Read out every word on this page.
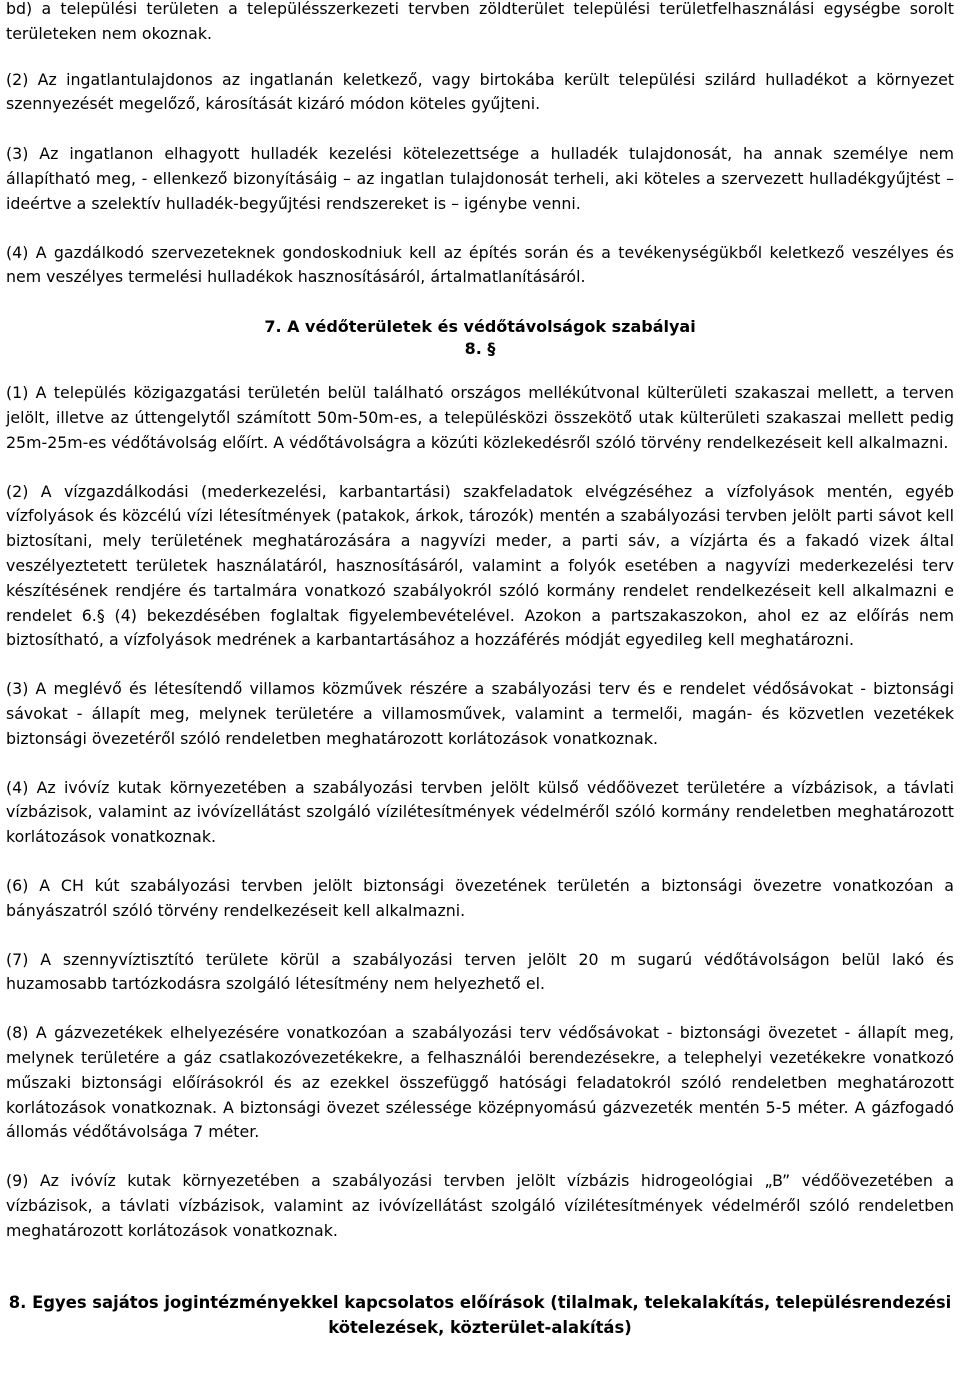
bd) a települési területen a településszerkezeti tervben zöldterület települési területfelhasználási egységbe sorolt területeken nem okoznak.

(2) Az ingatlantulajdonos az ingatlanán keletkező, vagy birtokába került települési szilárd hulladékot a környezet szennyezését megelőző, károsítását kizáró módon köteles gyűjteni.

(3) Az ingatlanon elhagyott hulladék kezelési kötelezettsége a hulladék tulajdonosát, ha annak személye nem állapítható meg, - ellenkező bizonyításáig – az ingatlan tulajdonosát terheli, aki köteles a szervezett hulladékgyűjtést – ideértve a szelektív hulladék-begyűjtési rendszereket is – igénybe venni.

(4) A gazdálkodó szervezeteknek gondoskodniuk kell az építés során és a tevékenységükből keletkező veszélyes és nem veszélyes termelési hulladékok hasznosításáról, ártalmatlanításáról.

7. A védőterületek és védőtávolságok szabályai

8. §

(1) A település közigazgatási területén belül található országos mellékútvonal külterületi szakaszai mellett, a terven jelölt, illetve az úttengelytől számított 50m-50m-es, a településközi összekötő utak külterületi szakaszai mellett pedig 25m-25m-es védőtávolság előírt. A védőtávolságra a közúti közlekedésről szóló törvény rendelkezéseit kell alkalmazni.

(2) A vízgazdálkodási (mederkezelési, karbantartási) szakfeladatok elvégzéséhez a vízfolyások mentén, egyéb vízfolyások és közcélú vízi létesítmények (patakok, árkok, tározók) mentén a szabályozási tervben jelölt parti sávot kell biztosítani, mely területének meghatározására a nagyvízi meder, a parti sáv, a vízjárta és a fakadó vizek által veszélyeztetett területek használatáról, hasznosításáról, valamint a folyók esetében a nagyvízi mederkezelési terv készítésének rendjére és tartalmára vonatkozó szabályokról szóló kormány rendelet rendelkezéseit kell alkalmazni e rendelet 6.§ (4) bekezdésében foglaltak figyelembevételével. Azokon a partszakaszokon, ahol ez az előírás nem biztosítható, a vízfolyások medrének a karbantartásához a hozzáférés módját egyedileg kell meghatározni.

(3) A meglévő és létesítendő villamos közművek részére a szabályozási terv és e rendelet védősávokat - biztonsági sávokat - állapít meg, melynek területére a villamosművek, valamint a termelői, magán- és közvetlen vezetékek biztonsági övezetéről szóló rendeletben meghatározott korlátozások vonatkoznak.

(4) Az ivóvíz kutak környezetében a szabályozási tervben jelölt külső védőövezet területére a vízbázisok, a távlati vízbázisok, valamint az ivóvízellátást szolgáló vízilétesítmények védelméről szóló kormány rendeletben meghatározott korlátozások vonatkoznak.

(6) A CH kút szabályozási tervben jelölt biztonsági övezetének területén a biztonsági övezetre vonatkozóan a bányászatról szóló törvény rendelkezéseit kell alkalmazni.

(7) A szennyvíztisztító területe körül a szabályozási terven jelölt 20 m sugarú védőtávolságon belül lakó és huzamosabb tartózkodásra szolgáló létesítmény nem helyezhető el.

(8) A gázvezetékek elhelyezésére vonatkozóan a szabályozási terv védősávokat - biztonsági övezetet - állapít meg, melynek területére a gáz csatlakozóvezetékekre, a felhasználói berendezésekre, a telephelyi vezetékekre vonatkozó műszaki biztonsági előírásokról és az ezekkel összefüggő hatósági feladatokról szóló rendeletben meghatározott korlátozások vonatkoznak. A biztonsági övezet szélessége középnyomású gázvezeték mentén 5-5 méter. A gázfogadó állomás védőtávolsága 7 méter.

(9) Az ivóvíz kutak környezetében a szabályozási tervben jelölt vízbázis hidrogeológiai „B” védőövezetében a vízbázisok, a távlati vízbázisok, valamint az ivóvízellátást szolgáló vízilétesítmények védelméről szóló rendeletben meghatározott korlátozások vonatkoznak.

8. Egyes sajátos jogintézményekkel kapcsolatos előírások (tilalmak, telekalakítás, településrendezési kötelezések, közterület-alakítás)
